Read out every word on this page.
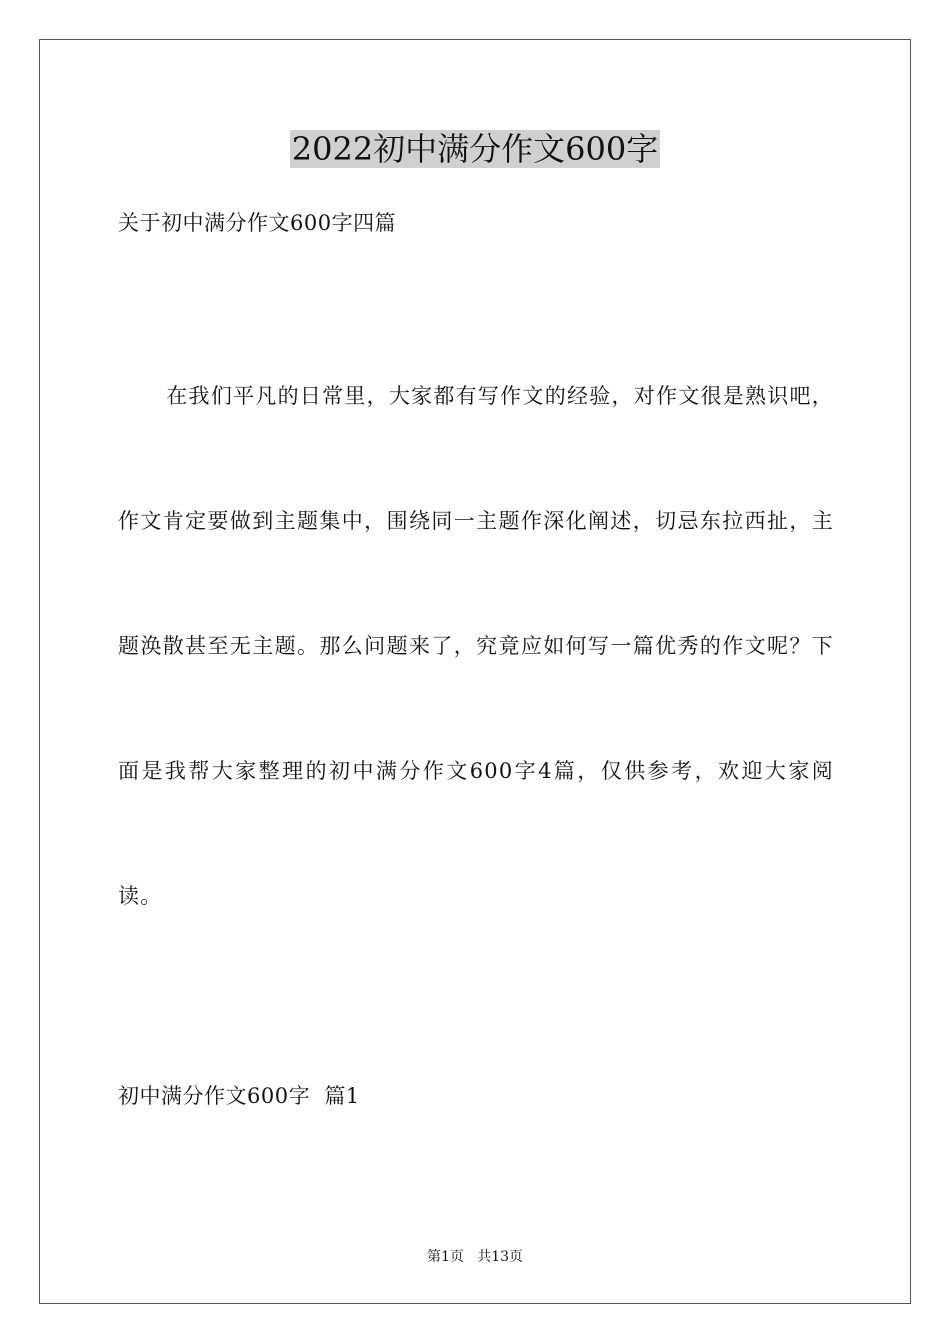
2022初中满分作文600字
关于初中满分作文600字四篇

在我们平凡的日常里，大家都有写作文的经验，对作文很是熟识吧，作文肯定要做到主题集中，围绕同一主题作深化阐述，切忌东拉西扯，主题涣散甚至无主题。那么问题来了，究竟应如何写一篇优秀的作文呢？下面是我帮大家整理的初中满分作文600字4篇，仅供参考，欢迎大家阅读。

初中满分作文600字  篇1
第1页   共13页
